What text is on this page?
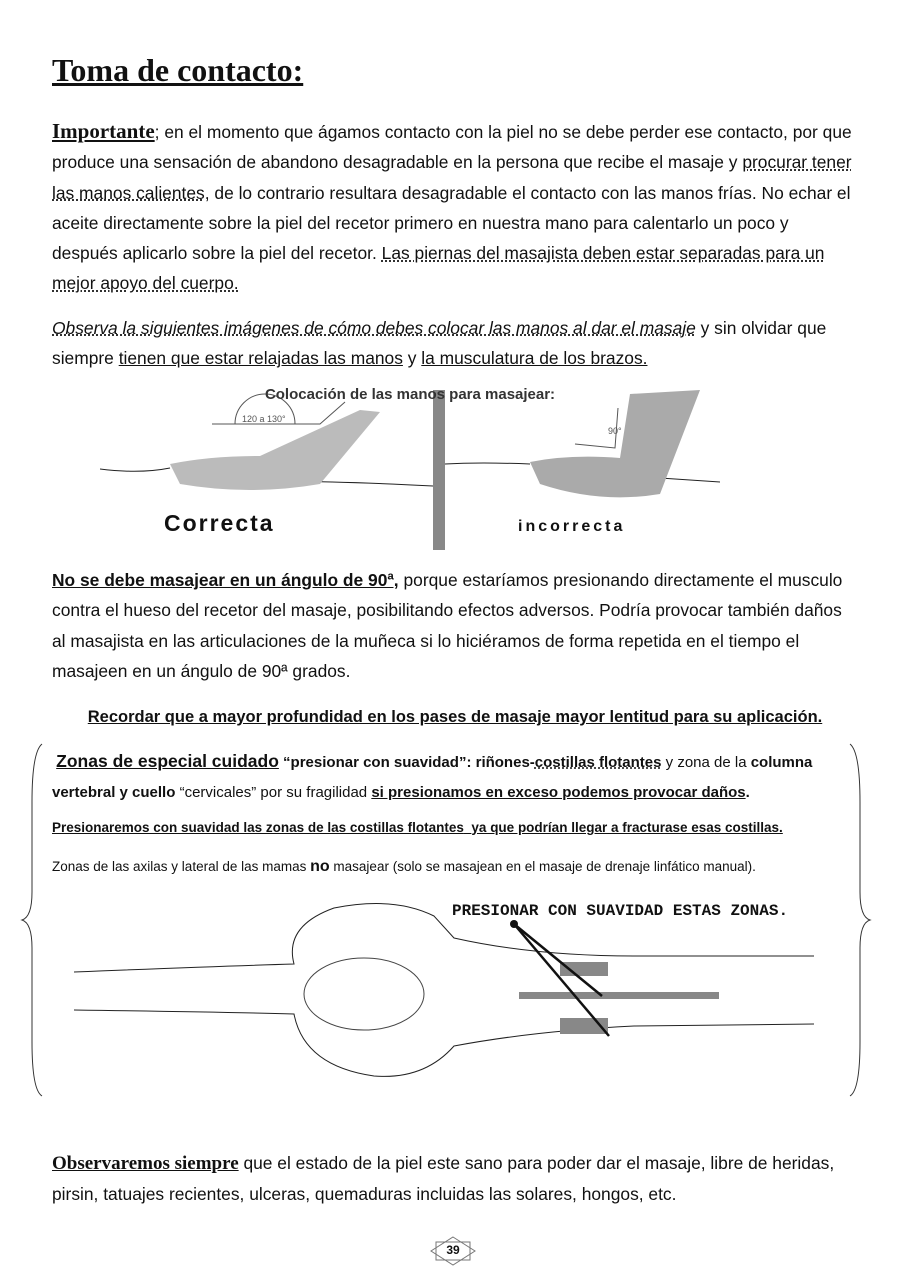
Toma de contacto:
Importante; en el momento que ágamos contacto con la piel no se debe perder ese contacto, por que produce una sensación de abandono desagradable en la persona que recibe el masaje y procurar tener las manos calientes, de lo contrario resultara desagradable el contacto con las manos frías. No echar el aceite directamente sobre la piel del recetor primero en nuestra mano para calentarlo un poco y después aplicarlo sobre la piel del recetor. Las piernas del masajista deben estar separadas para un mejor apoyo del cuerpo.
Observa la siguientes imágenes de cómo debes colocar las manos al dar el masaje y sin olvidar que siempre tienen que estar relajadas las manos y la musculatura de los brazos.
Colocación de las manos para masajear:
120 a 130°
90°
Correcta	incorrecta
No se debe masajear en un ángulo de 90ª, porque estaríamos presionando directamente el musculo contra el hueso del recetor del masaje, posibilitando efectos adversos. Podría provocar también daños al masajista en las articulaciones de la muñeca si lo hiciéramos de forma repetida en el tiempo el masajeen en un ángulo de 90ª grados.
Recordar que a mayor profundidad en los pases de masaje mayor lentitud para su aplicación.
Zonas de especial cuidado “presionar con suavidad”: riñones-costillas flotantes y zona de la columna vertebral y cuello “cervicales” por su fragilidad si presionamos en exceso podemos provocar daños.
Presionaremos con suavidad las zonas de las costillas flotantes ya que podrían llegar a fracturase esas costillas.
Zonas de las axilas y lateral de las mamas no masajear (solo se masajean en el masaje de drenaje linfático manual).
PRESIONAR CON SUAVIDAD ESTAS ZONAS.
Observaremos siempre que el estado de la piel este sano para poder dar el masaje, libre de heridas, pirsin, tatuajes recientes, ulceras, quemaduras incluidas las solares, hongos, etc.
39
